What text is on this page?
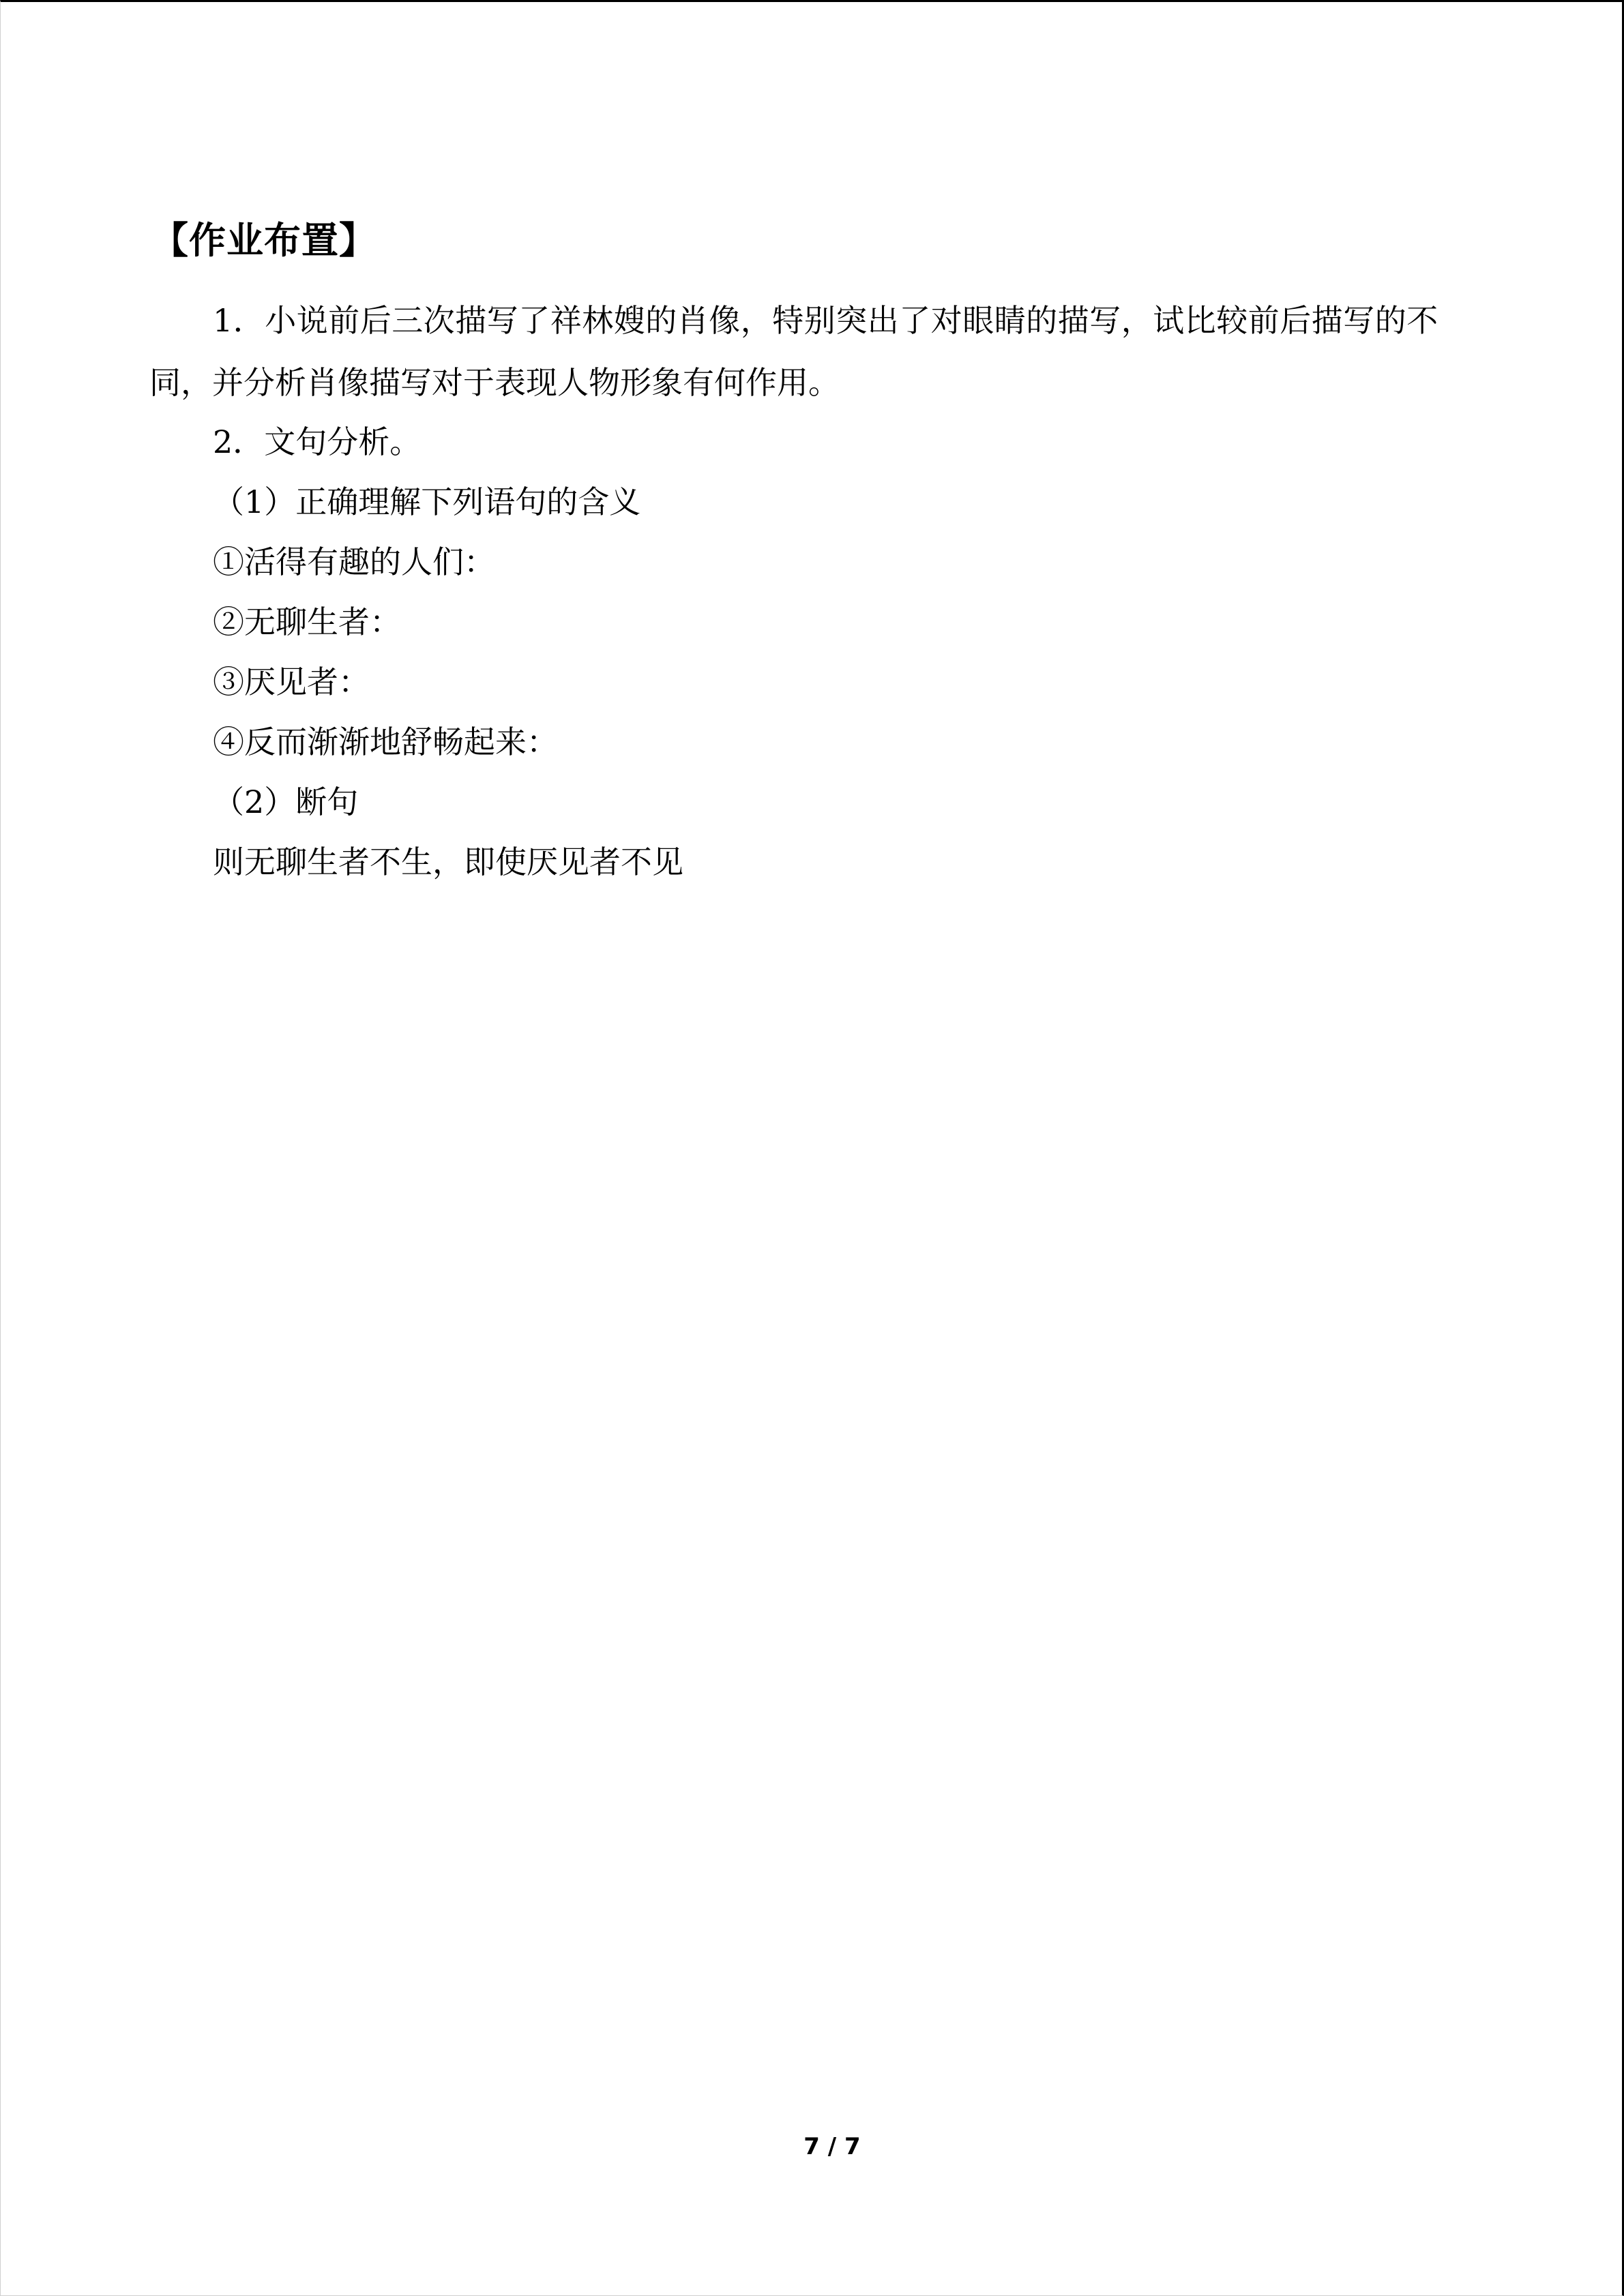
【作业布置】
1．小说前后三次描写了祥林嫂的肖像，特别突出了对眼睛的描写，试比较前后描写的不
同，并分析肖像描写对于表现人物形象有何作用。
2．文句分析。
（1）正确理解下列语句的含义
①活得有趣的人们：
②无聊生者：
③厌见者：
④反而渐渐地舒畅起来：
（2）断句
则无聊生者不生，即使厌见者不见
7 / 7
